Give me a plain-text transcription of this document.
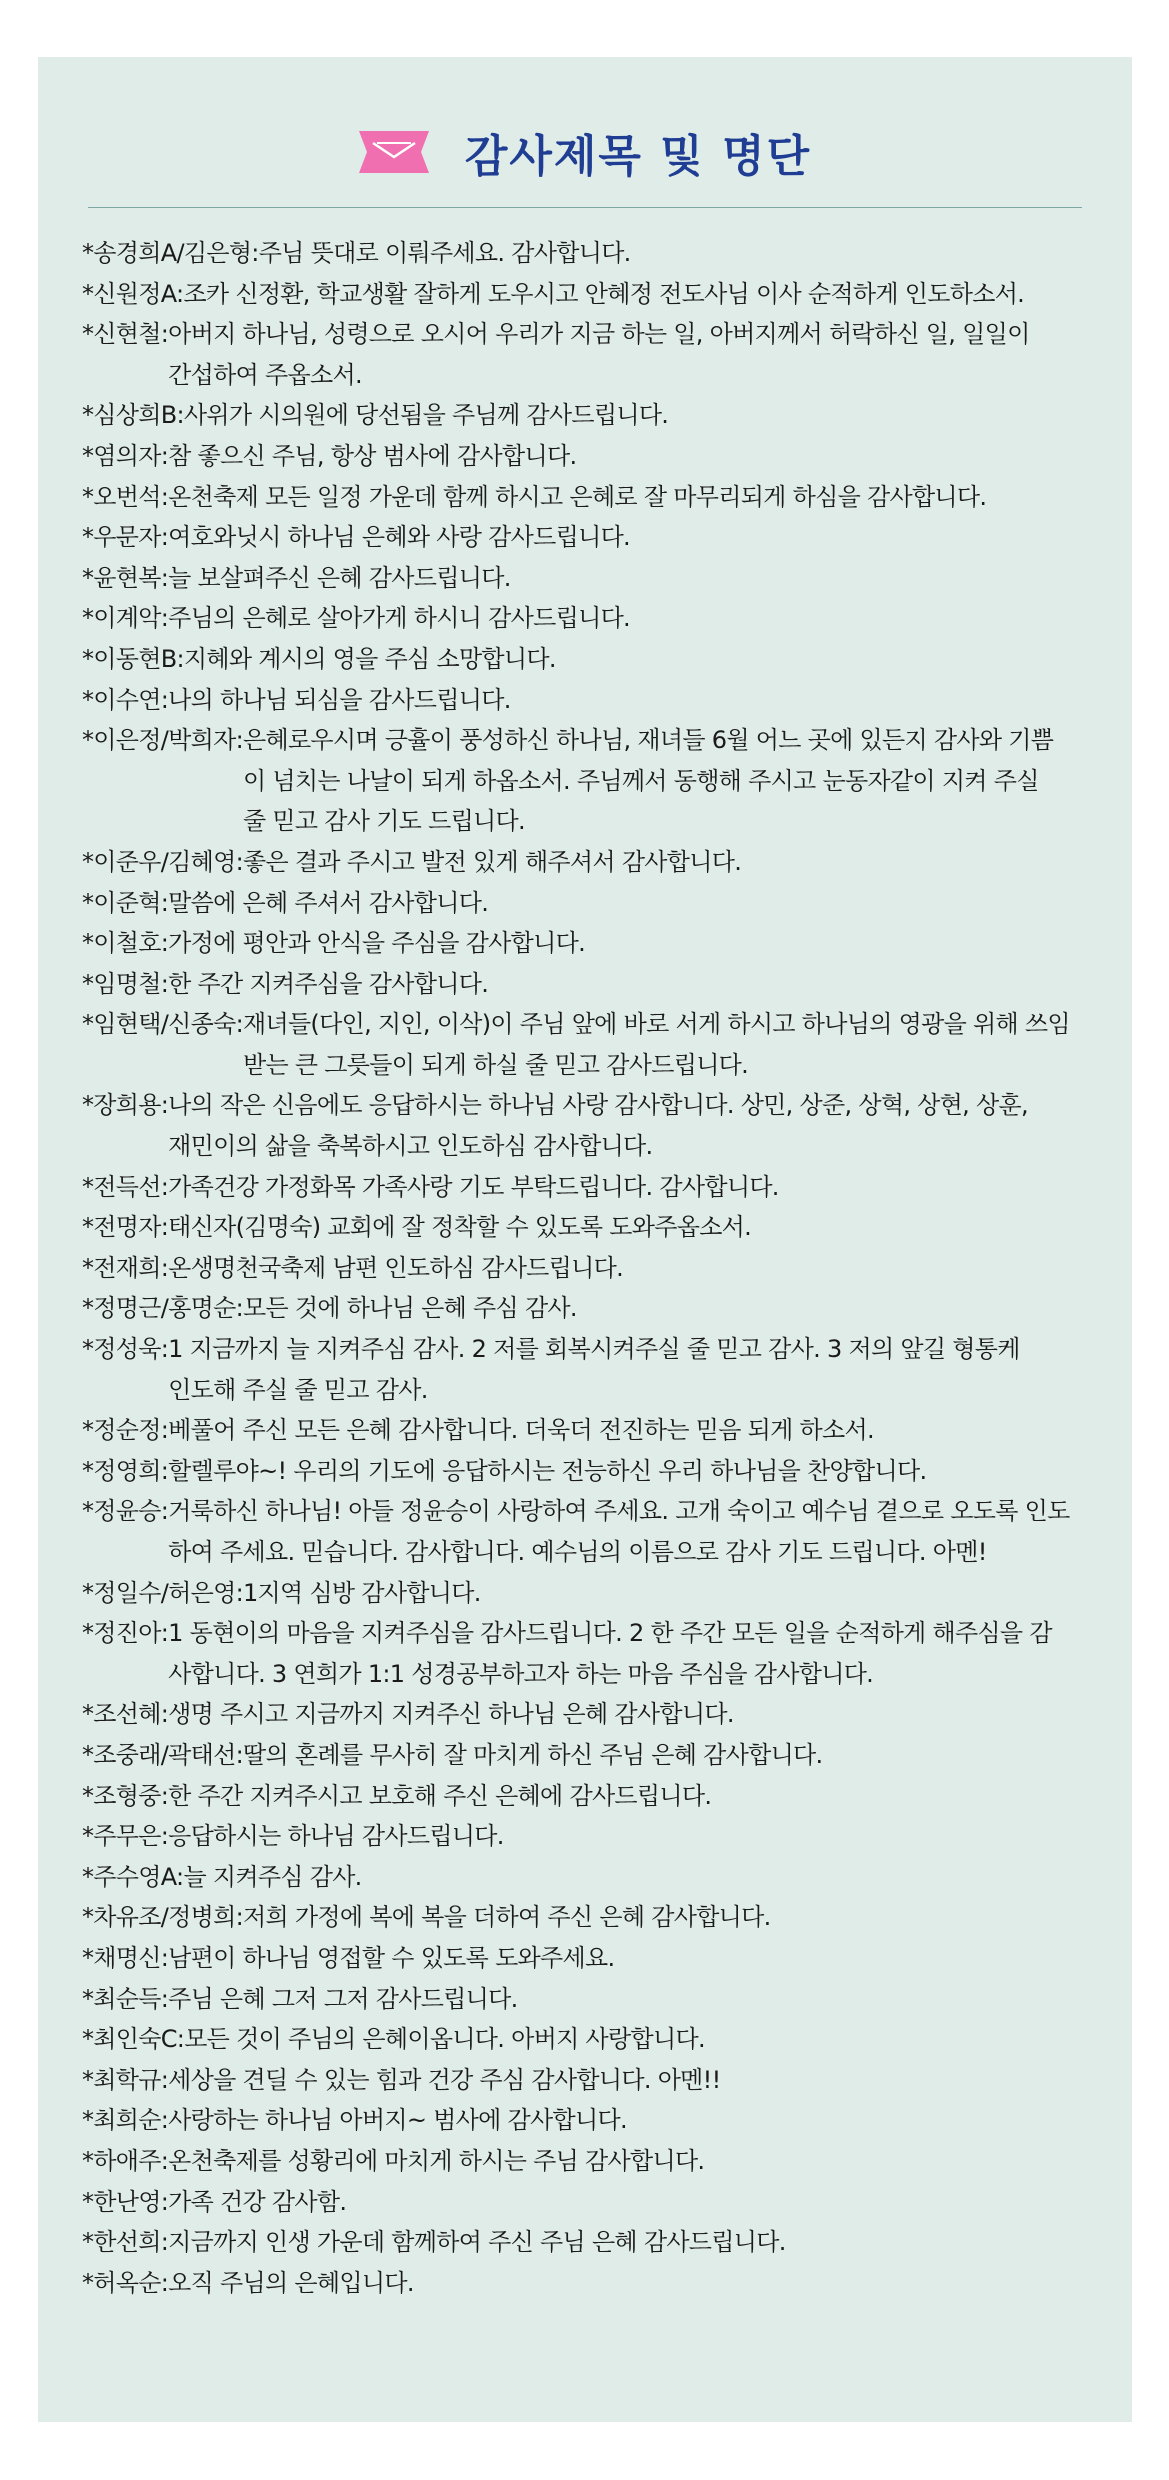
감사제목 및 명단
*송경희A/김은형: 주님 뜻대로 이뤄주세요. 감사합니다.
*신원정A: 조카 신정환, 학교생활 잘하게 도우시고 안혜정 전도사님 이사 순적하게 인도하소서.
*신현철: 아버지 하나님, 성령으로 오시어 우리가 지금 하는 일, 아버지께서 허락하신 일, 일일이 간섭하여 주옵소서.
*심상희B: 사위가 시의원에 당선됨을 주님께 감사드립니다.
*염의자: 참 좋으신 주님, 항상 범사에 감사합니다.
*오번석: 온천축제 모든 일정 가운데 함께 하시고 은혜로 잘 마무리되게 하심을 감사합니다.
*우문자: 여호와닛시 하나님 은혜와 사랑 감사드립니다.
*윤현복: 늘 보살펴주신 은혜 감사드립니다.
*이계악: 주님의 은혜로 살아가게 하시니 감사드립니다.
*이동현B: 지혜와 계시의 영을 주심 소망합니다.
*이수연: 나의 하나님 되심을 감사드립니다.
*이은정/박희자: 은혜로우시며 긍휼이 풍성하신 하나님, 재녀들 6월 어느 곳에 있든지 감사와 기쁨이 넘치는 나날이 되게 하옵소서. 주님께서 동행해 주시고 눈동자같이 지켜 주실 줄 믿고 감사 기도 드립니다.
*이준우/김혜영: 좋은 결과 주시고 발전 있게 해주셔서 감사합니다.
*이준혁: 말씀에 은혜 주셔서 감사합니다.
*이철호: 가정에 평안과 안식을 주심을 감사합니다.
*임명철: 한 주간 지켜주심을 감사합니다.
*임현택/신종숙: 재녀들(다인, 지인, 이삭)이 주님 앞에 바로 서게 하시고 하나님의 영광을 위해 쓰임 받는 큰 그릇들이 되게 하실 줄 믿고 감사드립니다.
*장희용: 나의 작은 신음에도 응답하시는 하나님 사랑 감사합니다. 상민, 상준, 상혁, 상현, 상훈, 재민이의 삶을 축복하시고 인도하심 감사합니다.
*전득선: 가족건강 가정화목 가족사랑 기도 부탁드립니다. 감사합니다.
*전명자: 태신자(김명숙) 교회에 잘 정착할 수 있도록 도와주옵소서.
*전재희: 온생명천국축제 남편 인도하심 감사드립니다.
*정명근/홍명순: 모든 것에 하나님 은혜 주심 감사.
*정성욱: 1 지금까지 늘 지켜주심 감사. 2 저를 회복시켜주실 줄 믿고 감사. 3 저의 앞길 형통케 인도해 주실 줄 믿고 감사.
*정순정: 베풀어 주신 모든 은혜 감사합니다. 더욱더 전진하는 믿음 되게 하소서.
*정영희: 할렐루야~! 우리의 기도에 응답하시는 전능하신 우리 하나님을 찬양합니다.
*정윤승: 거룩하신 하나님! 아들 정윤승이 사랑하여 주세요. 고개 숙이고 예수님 곁으로 오도록 인도하여 주세요. 믿습니다. 감사합니다. 예수님의 이름으로 감사 기도 드립니다. 아멘!
*정일수/허은영: 1지역 심방 감사합니다.
*정진아: 1 동현이의 마음을 지켜주심을 감사드립니다. 2 한 주간 모든 일을 순적하게 해주심을 감사합니다. 3 연희가 1:1 성경공부하고자 하는 마음 주심을 감사합니다.
*조선혜: 생명 주시고 지금까지 지켜주신 하나님 은혜 감사합니다.
*조중래/곽태선: 딸의 혼례를 무사히 잘 마치게 하신 주님 은혜 감사합니다.
*조형중: 한 주간 지켜주시고 보호해 주신 은혜에 감사드립니다.
*주무은: 응답하시는 하나님 감사드립니다.
*주수영A: 늘 지켜주심 감사.
*차유조/정병희: 저희 가정에 복에 복을 더하여 주신 은혜 감사합니다.
*채명신: 남편이 하나님 영접할 수 있도록 도와주세요.
*최순득: 주님 은혜 그저 그저 감사드립니다.
*최인숙C: 모든 것이 주님의 은혜이옵니다. 아버지 사랑합니다.
*최학규: 세상을 견딜 수 있는 힘과 건강 주심 감사합니다. 아멘!!
*최희순: 사랑하는 하나님 아버지~ 범사에 감사합니다.
*하애주: 온천축제를 성황리에 마치게 하시는 주님 감사합니다.
*한난영: 가족 건강 감사함.
*한선희: 지금까지 인생 가운데 함께하여 주신 주님 은혜 감사드립니다.
*허옥순: 오직 주님의 은혜입니다.
